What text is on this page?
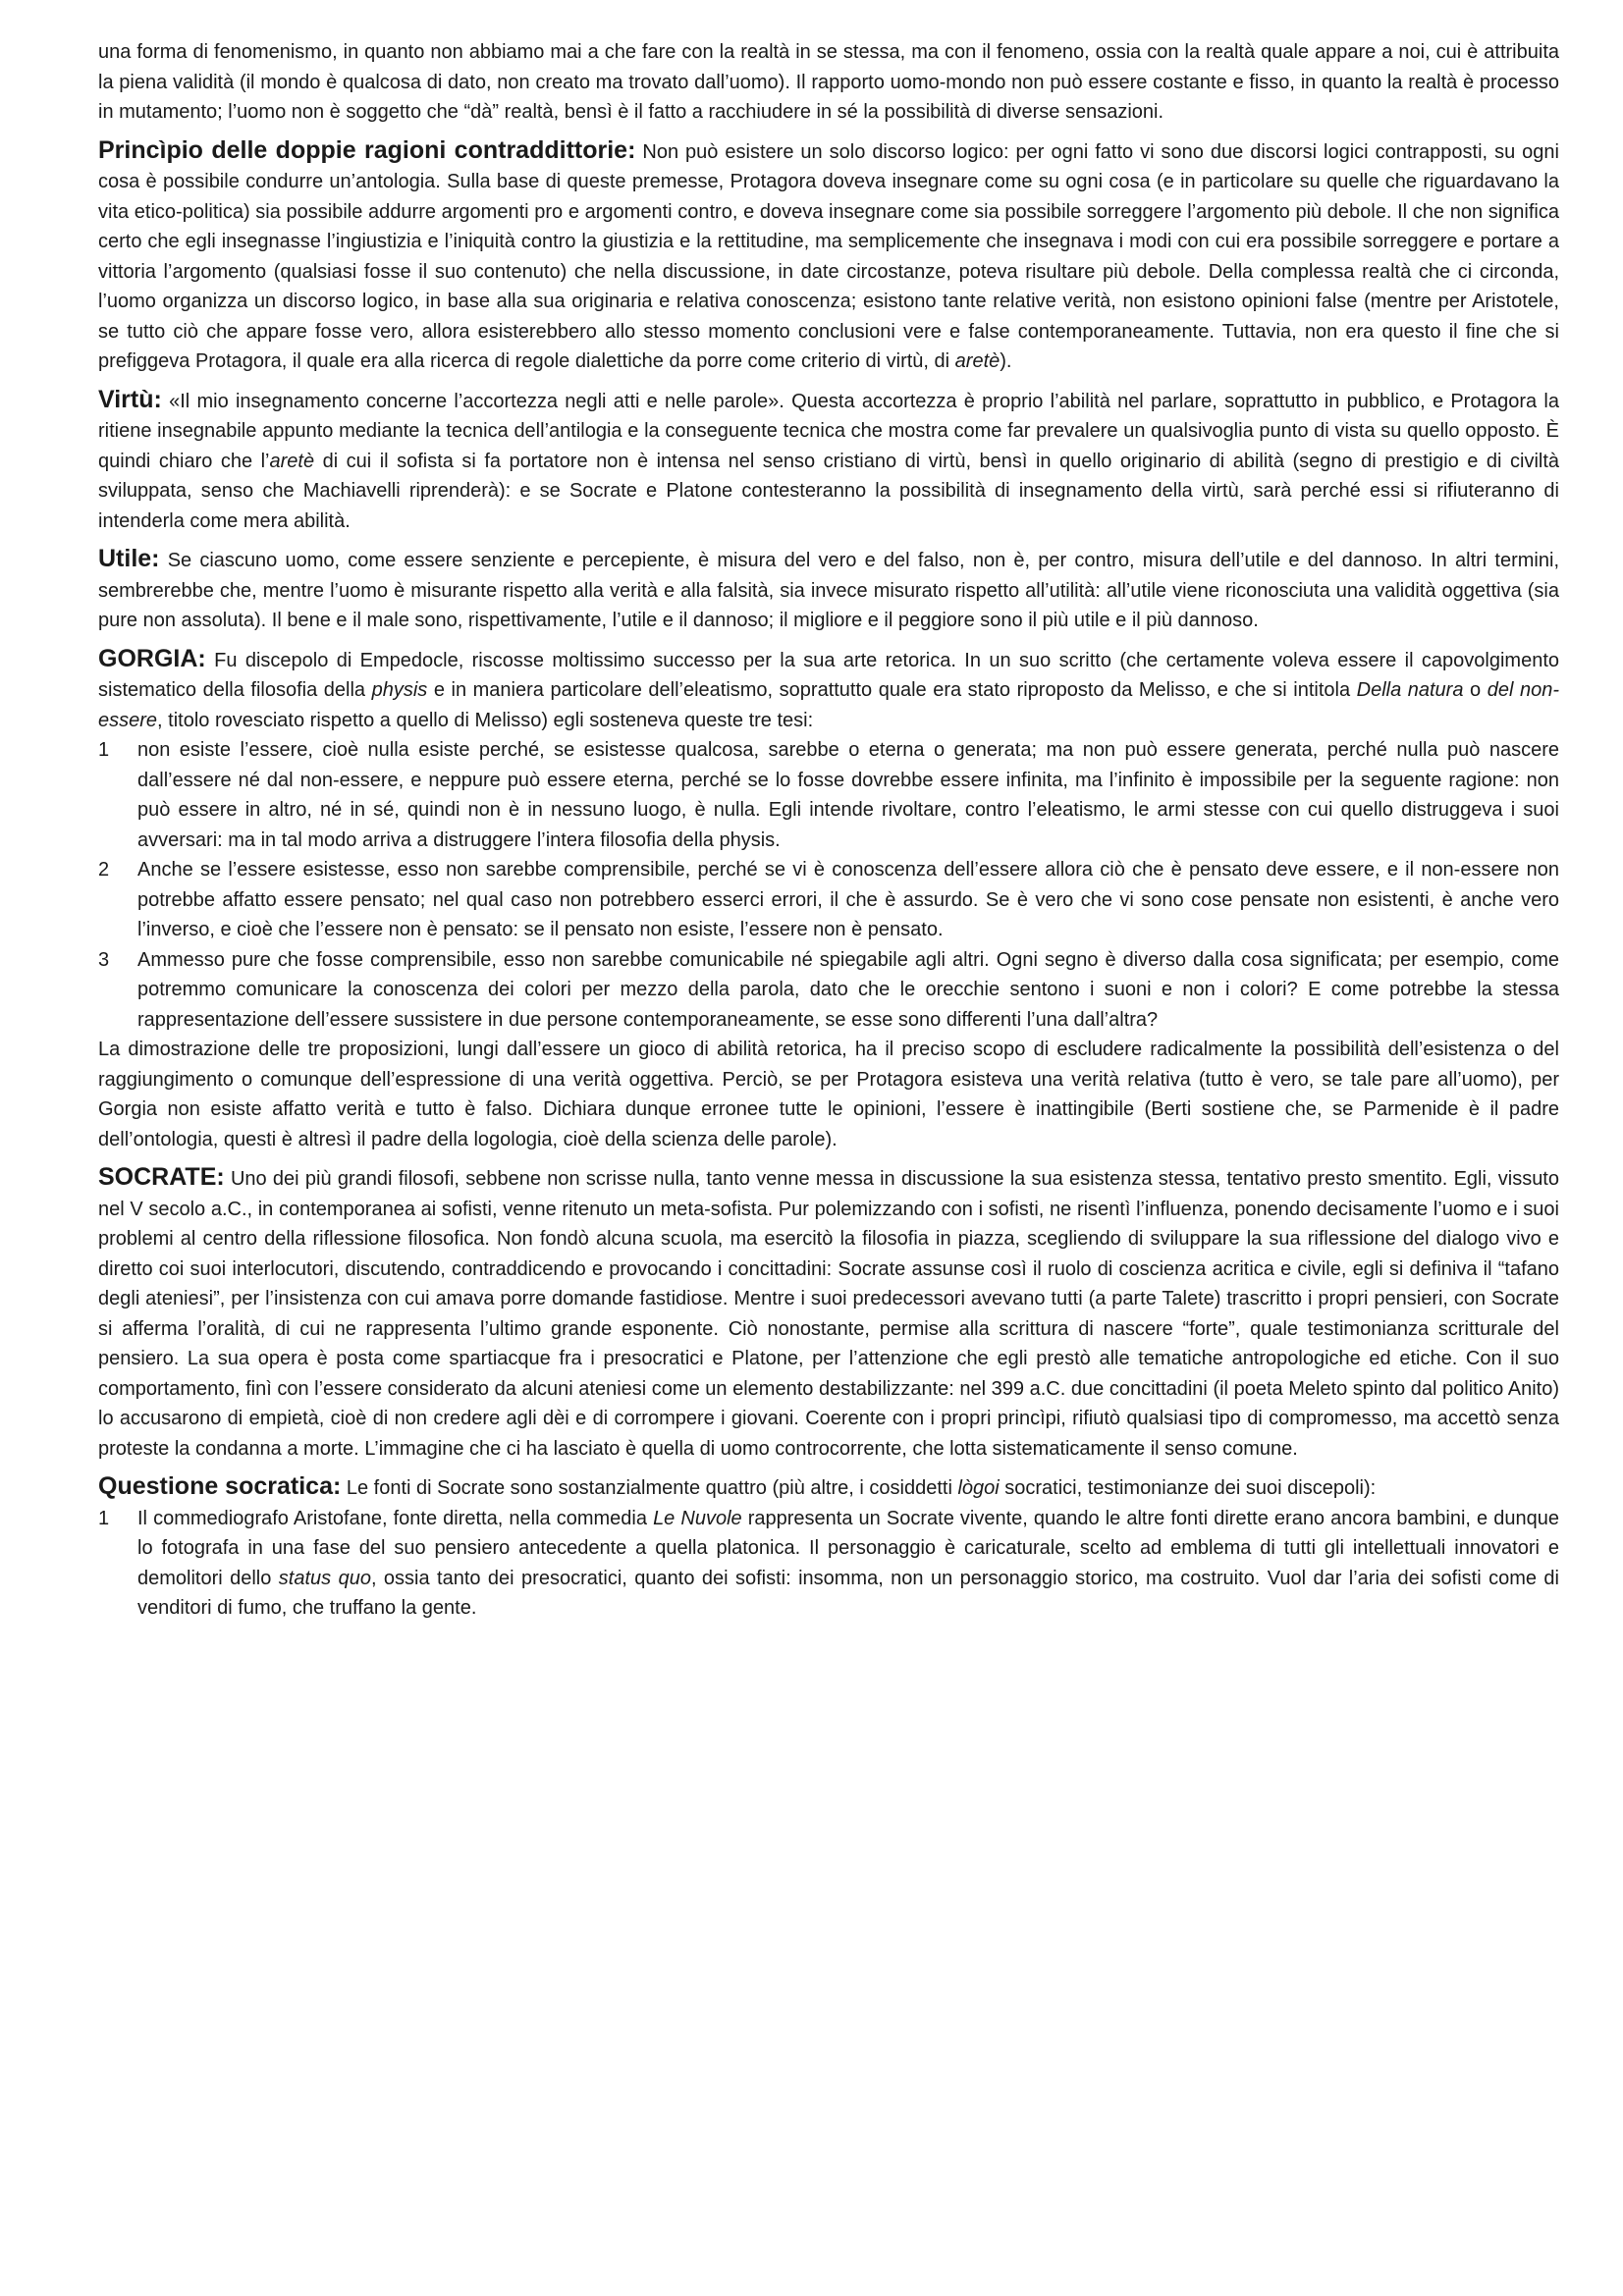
una forma di fenomenismo, in quanto non abbiamo mai a che fare con la realtà in se stessa, ma con il fenomeno, ossia con la realtà quale appare a noi, cui è attribuita la piena validità (il mondo è qualcosa di dato, non creato ma trovato dall’uomo). Il rapporto uomo-mondo non può essere costante e fisso, in quanto la realtà è processo in mutamento; l’uomo non è soggetto che “dà” realtà, bensì è il fatto a racchiudere in sé la possibilità di diverse sensazioni.

Princìpio delle doppie ragioni contraddittorie: Non può esistere un solo discorso logico: per ogni fatto vi sono due discorsi logici contrapposti, su ogni cosa è possibile condurre un’antologia. Sulla base di queste premesse, Protagora doveva insegnare come su ogni cosa (e in particolare su quelle che riguardavano la vita etico-politica) sia possibile addurre argomenti pro e argomenti contro, e doveva insegnare come sia possibile sorreggere l’argomento più debole. Il che non significa certo che egli insegnasse l’ingiustizia e l’iniquità contro la giustizia e la rettitudine, ma semplicemente che insegnava i modi con cui era possibile sorreggere e portare a vittoria l’argomento (qualsiasi fosse il suo contenuto) che nella discussione, in date circostanze, poteva risultare più debole. Della complessa realtà che ci circonda, l’uomo organizza un discorso logico, in base alla sua originaria e relativa conoscenza; esistono tante relative verità, non esistono opinioni false (mentre per Aristotele, se tutto ciò che appare fosse vero, allora esisterebbero allo stesso momento conclusioni vere e false contemporaneamente. Tuttavia, non era questo il fine che si prefiggeva Protagora, il quale era alla ricerca di regole dialettiche da porre come criterio di virtù, di aretè).

Virtù: «Il mio insegnamento concerne l’accortezza negli atti e nelle parole». Questa accortezza è proprio l’abilità nel parlare, soprattutto in pubblico, e Protagora la ritiene insegnabile appunto mediante la tecnica dell’antilogia e la conseguente tecnica che mostra come far prevalere un qualsivoglia punto di vista su quello opposto. È quindi chiaro che l’aretè di cui il sofista si fa portatore non è intensa nel senso cristiano di virtù, bensì in quello originario di abilità (segno di prestigio e di civiltà sviluppata, senso che Machiavelli riprenderà): e se Socrate e Platone contesteranno la possibilità di insegnamento della virtù, sarà perché essi si rifiuteranno di intenderla come mera abilità.

Utile: Se ciascuno uomo, come essere senziente e percepiente, è misura del vero e del falso, non è, per contro, misura dell’utile e del dannoso. In altri termini, sembrerebbe che, mentre l’uomo è misurante rispetto alla verità e alla falsità, sia invece misurato rispetto all’utilità: all’utile viene riconosciuta una validità oggettiva (sia pure non assoluta). Il bene e il male sono, rispettivamente, l’utile e il dannoso; il migliore e il peggiore sono il più utile e il più dannoso.

GORGIA: Fu discepolo di Empedocle, riscosse moltissimo successo per la sua arte retorica. In un suo scritto (che certamente voleva essere il capovolgimento sistematico della filosofia della physis e in maniera particolare dell’eleatismo, soprattutto quale era stato riproposto da Melisso, e che si intitola Della natura o del non-essere, titolo rovesciato rispetto a quello di Melisso) egli sosteneva queste tre tesi:

1 non esiste l’essere, cioè nulla esiste perché, se esistesse qualcosa, sarebbe o eterna o generata; ma non può essere generata, perché nulla può nascere dall’essere né dal non-essere, e neppure può essere eterna, perché se lo fosse dovrebbe essere infinita, ma l’infinito è impossibile per la seguente ragione: non può essere in altro, né in sé, quindi non è in nessuno luogo, è nulla. Egli intende rivoltare, contro l’eleatismo, le armi stesse con cui quello distruggeva i suoi avversari: ma in tal modo arriva a distruggere l’intera filosofia della physis.
2 Anche se l’essere esistesse, esso non sarebbe comprensibile, perché se vi è conoscenza dell’essere allora ciò che è pensato deve essere, e il non-essere non potrebbe affatto essere pensato; nel qual caso non potrebbero esserci errori, il che è assurdo. Se è vero che vi sono cose pensate non esistenti, è anche vero l’inverso, e cioè che l’essere non è pensato: se il pensato non esiste, l’essere non è pensato.
3 Ammesso pure che fosse comprensibile, esso non sarebbe comunicabile né spiegabile agli altri. Ogni segno è diverso dalla cosa significata; per esempio, come potremmo comunicare la conoscenza dei colori per mezzo della parola, dato che le orecchie sentono i suoni e non i colori? E come potrebbe la stessa rappresentazione dell’essere sussistere in due persone contemporaneamente, se esse sono differenti l’una dall’altra?

La dimostrazione delle tre proposizioni, lungi dall’essere un gioco di abilità retorica, ha il preciso scopo di escludere radicalmente la possibilità dell’esistenza o del raggiungimento o comunque dell’espressione di una verità oggettiva. Perciò, se per Protagora esisteva una verità relativa (tutto è vero, se tale pare all’uomo), per Gorgia non esiste affatto verità e tutto è falso. Dichiara dunque erronee tutte le opinioni, l’essere è inattingibile (Berti sostiene che, se Parmenide è il padre dell’ontologia, questi è altresì il padre della logologia, cioè della scienza delle parole).

SOCRATE: Uno dei più grandi filosofi, sebbene non scrisse nulla, tanto venne messa in discussione la sua esistenza stessa, tentativo presto smentito. Egli, vissuto nel V secolo a.C., in contemporanea ai sofisti, venne ritenuto un meta-sofista. Pur polemizzando con i sofisti, ne risentì l’influenza, ponendo decisamente l’uomo e i suoi problemi al centro della riflessione filosofica. Non fondò alcuna scuola, ma esercitò la filosofia in piazza, scegliendo di sviluppare la sua riflessione del dialogo vivo e diretto coi suoi interlocutori, discutendo, contraddicendo e provocando i concittadini: Socrate assunse così il ruolo di coscienza acritica e civile, egli si definiva il “tafano degli ateniesi”, per l’insistenza con cui amava porre domande fastidiose. Mentre i suoi predecessori avevano tutti (a parte Talete) trascritto i propri pensieri, con Socrate si afferma l’oralità, di cui ne rappresenta l’ultimo grande esponente. Ciò nonostante, permise alla scrittura di nascere “forte”, quale testimonianza scritturale del pensiero. La sua opera è posta come spartiacque fra i presocratici e Platone, per l’attenzione che egli prestò alle tematiche antropologiche ed etiche. Con il suo comportamento, finì con l’essere considerato da alcuni ateniesi come un elemento destabilizzante: nel 399 a.C. due concittadini (il poeta Meleto spinto dal politico Anito) lo accusarono di empietà, cioè di non credere agli dèi e di corrompere i giovani. Coerente con i propri princìpi, rifiutò qualsiasi tipo di compromesso, ma accettò senza proteste la condanna a morte. L’immagine che ci ha lasciato è quella di uomo controcorrente, che lotta sistematicamente il senso comune.

Questione socratica: Le fonti di Socrate sono sostanzialmente quattro (più altre, i cosiddetti lògoi socratici, testimonianze dei suoi discepoli):

1 Il commediografo Aristofane, fonte diretta, nella commedia Le Nuvole rappresenta un Socrate vivente, quando le altre fonti dirette erano ancora bambini, e dunque lo fotografa in una fase del suo pensiero antecedente a quella platonica. Il personaggio è caricaturale, scelto ad emblema di tutti gli intellettuali innovatori e demolitori dello status quo, ossia tanto dei presocratici, quanto dei sofisti: insomma, non un personaggio storico, ma costruito. Vuol dar l’aria dei sofisti come di venditori di fumo, che truffano la gente.
